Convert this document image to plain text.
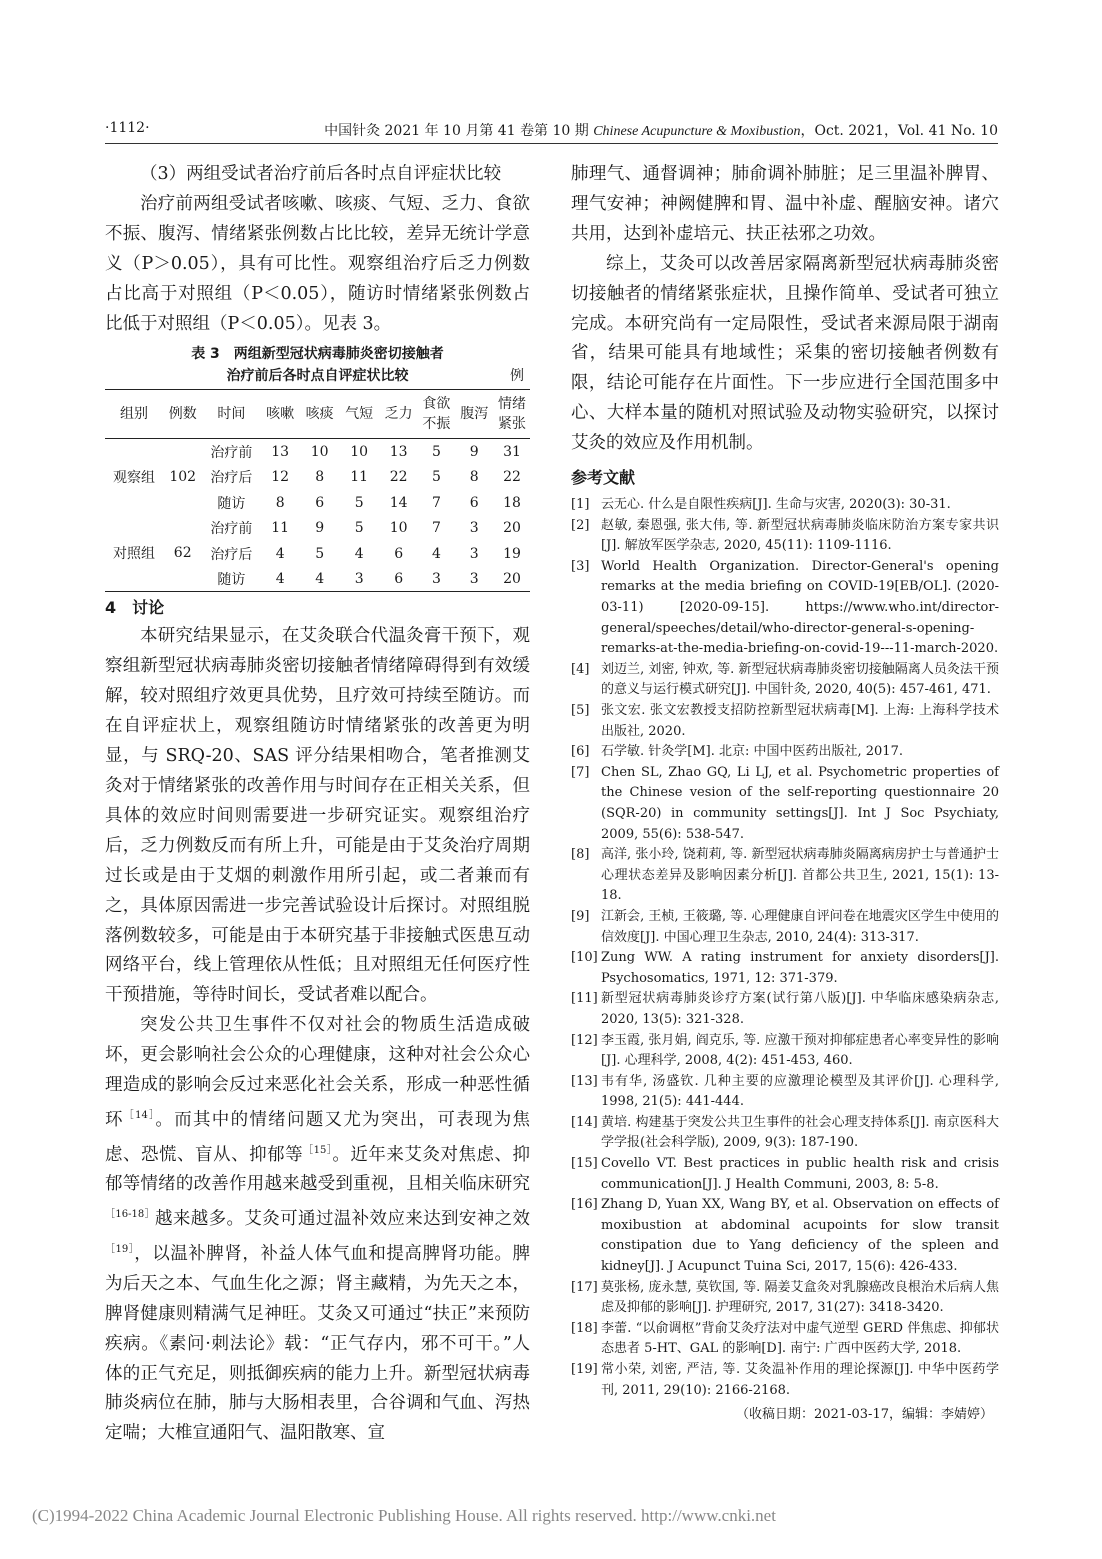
·1112·	中国针灸 2021 年 10 月第 41 卷第 10 期 Chinese Acupuncture & Moxibustion，Oct. 2021，Vol. 41 No. 10

（3）两组受试者治疗前后各时点自评症状比较

治疗前两组受试者咳嗽、咳痰、气短、乏力、食欲不振、腹泻、情绪紧张例数占比比较，差异无统计学意义（P＞0.05），具有可比性。观察组治疗后乏力例数占比高于对照组（P＜0.05），随访时情绪紧张例数占比低于对照组（P＜0.05）。见表 3。

表 3　两组新型冠状病毒肺炎密切接触者
治疗前后各时点自评症状比较	例
组别	例数	时间	咳嗽	咳痰	气短	乏力	食欲不振	腹泻	情绪紧张
观察组	102	治疗前	13	10	10	13	5	9	31
		治疗后	12	8	11	22	5	8	22
		随访	8	6	5	14	7	6	18
对照组	62	治疗前	11	9	5	10	7	3	20
		治疗后	4	5	4	6	4	3	19
		随访	4	4	3	6	3	3	20
4　讨论

本研究结果显示，在艾灸联合代温灸膏干预下，观察组新型冠状病毒肺炎密切接触者情绪障碍得到有效缓解，较对照组疗效更具优势，且疗效可持续至随访。而在自评症状上，观察组随访时情绪紧张的改善更为明显，与 SRQ-20、SAS 评分结果相吻合，笔者推测艾灸对于情绪紧张的改善作用与时间存在正相关关系，但具体的效应时间则需要进一步研究证实。观察组治疗后，乏力例数反而有所上升，可能是由于艾灸治疗周期过长或是由于艾烟的刺激作用所引起，或二者兼而有之，具体原因需进一步完善试验设计后探讨。对照组脱落例数较多，可能是由于本研究基于非接触式医患互动网络平台，线上管理依从性低；且对照组无任何医疗性干预措施，等待时间长，受试者难以配合。

突发公共卫生事件不仅对社会的物质生活造成破坏，更会影响社会公众的心理健康，这种对社会公众心理造成的影响会反过来恶化社会关系，形成一种恶性循环$^{[14]}$。而其中的情绪问题又尤为突出，可表现为焦虑、恐慌、盲从、抑郁等$^{[15]}$。近年来艾灸对焦虑、抑郁等情绪的改善作用越来越受到重视，且相关临床研究$^{[16-18]}$越来越多。艾灸可通过温补效应来达到安神之效$^{[19]}$，以温补脾肾，补益人体气血和提高脾肾功能。脾为后天之本、气血生化之源；肾主藏精，为先天之本，脾肾健康则精满气足神旺。艾灸又可通过“扶正”来预防疾病。《素问·刺法论》载：“正气存内，邪不可干。”人体的正气充足，则抵御疾病的能力上升。新型冠状病毒肺炎病位在肺，肺与大肠相表里，合谷调和气血、泻热定喘；大椎宣通阳气、温阳散寒、宣

肺理气、通督调神；肺俞调补肺脏；足三里温补脾胃、理气安神；神阙健脾和胃、温中补虚、醒脑安神。诸穴共用，达到补虚培元、扶正祛邪之功效。

综上，艾灸可以改善居家隔离新型冠状病毒肺炎密切接触者的情绪紧张症状，且操作简单、受试者可独立完成。本研究尚有一定局限性，受试者来源局限于湖南省，结果可能具有地域性；采集的密切接触者例数有限，结论可能存在片面性。下一步应进行全国范围多中心、大样本量的随机对照试验及动物实验研究，以探讨艾灸的效应及作用机制。

参考文献
[1] 云无心. 什么是自限性疾病[J]. 生命与灾害, 2020(3): 30-31.
[2] 赵敏, 秦恩强, 张大伟, 等. 新型冠状病毒肺炎临床防治方案专家共识[J]. 解放军医学杂志, 2020, 45(11): 1109-1116.
[3] World Health Organization. Director-General's opening remarks at the media briefing on COVID-19[EB/OL]. (2020-03-11) [2020-09-15]. https://www.who.int/director-general/speeches/detail/who-director-general-s-opening-remarks-at-the-media-briefing-on-covid-19---11-march-2020.
[4] 刘迈兰, 刘密, 钟欢, 等. 新型冠状病毒肺炎密切接触隔离人员灸法干预的意义与运行模式研究[J]. 中国针灸, 2020, 40(5): 457-461, 471.
[5] 张文宏. 张文宏教授支招防控新型冠状病毒[M]. 上海: 上海科学技术出版社, 2020.
[6] 石学敏. 针灸学[M]. 北京: 中国中医药出版社, 2017.
[7] Chen SL, Zhao GQ, Li LJ, et al. Psychometric properties of the Chinese vesion of the self-reporting questionnaire 20 (SQR-20) in community settings[J]. Int J Soc Psychiaty, 2009, 55(6): 538-547.
[8] 高洋, 张小玲, 饶莉莉, 等. 新型冠状病毒肺炎隔离病房护士与普通护士心理状态差异及影响因素分析[J]. 首都公共卫生, 2021, 15(1): 13-18.
[9] 江新会, 王桢, 王筱璐, 等. 心理健康自评问卷在地震灾区学生中使用的信效度[J]. 中国心理卫生杂志, 2010, 24(4): 313-317.
[10] Zung WW. A rating instrument for anxiety disorders[J]. Psychosomatics, 1971, 12: 371-379.
[11] 新型冠状病毒肺炎诊疗方案(试行第八版)[J]. 中华临床感染病杂志, 2020, 13(5): 321-328.
[12] 李玉霞, 张月娟, 阎克乐, 等. 应激干预对抑郁症患者心率变异性的影响[J]. 心理科学, 2008, 4(2): 451-453, 460.
[13] 韦有华, 汤盛钦. 几种主要的应激理论模型及其评价[J]. 心理科学, 1998, 21(5): 441-444.
[14] 黄培. 构建基于突发公共卫生事件的社会心理支持体系[J]. 南京医科大学学报(社会科学版), 2009, 9(3): 187-190.
[15] Covello VT. Best practices in public health risk and crisis communication[J]. J Health Communi, 2003, 8: 5-8.
[16] Zhang D, Yuan XX, Wang BY, et al. Observation on effects of moxibustion at abdominal acupoints for slow transit constipation due to Yang deficiency of the spleen and kidney[J]. J Acupunct Tuina Sci, 2017, 15(6): 426-433.
[17] 莫张杨, 庞永慧, 莫钦国, 等. 隔姜艾盒灸对乳腺癌改良根治术后病人焦虑及抑郁的影响[J]. 护理研究, 2017, 31(27): 3418-3420.
[18] 李蕾. “以俞调枢”背俞艾灸疗法对中虚气逆型 GERD 伴焦虑、抑郁状态患者 5-HT、GAL 的影响[D]. 南宁: 广西中医药大学, 2018.
[19] 常小荣, 刘密, 严洁, 等. 艾灸温补作用的理论探源[J]. 中华中医药学刊, 2011, 29(10): 2166-2168.
（收稿日期：2021-03-17，编辑：李婧婷）
(C)1994-2022 China Academic Journal Electronic Publishing House. All rights reserved. http://www.cnki.net
